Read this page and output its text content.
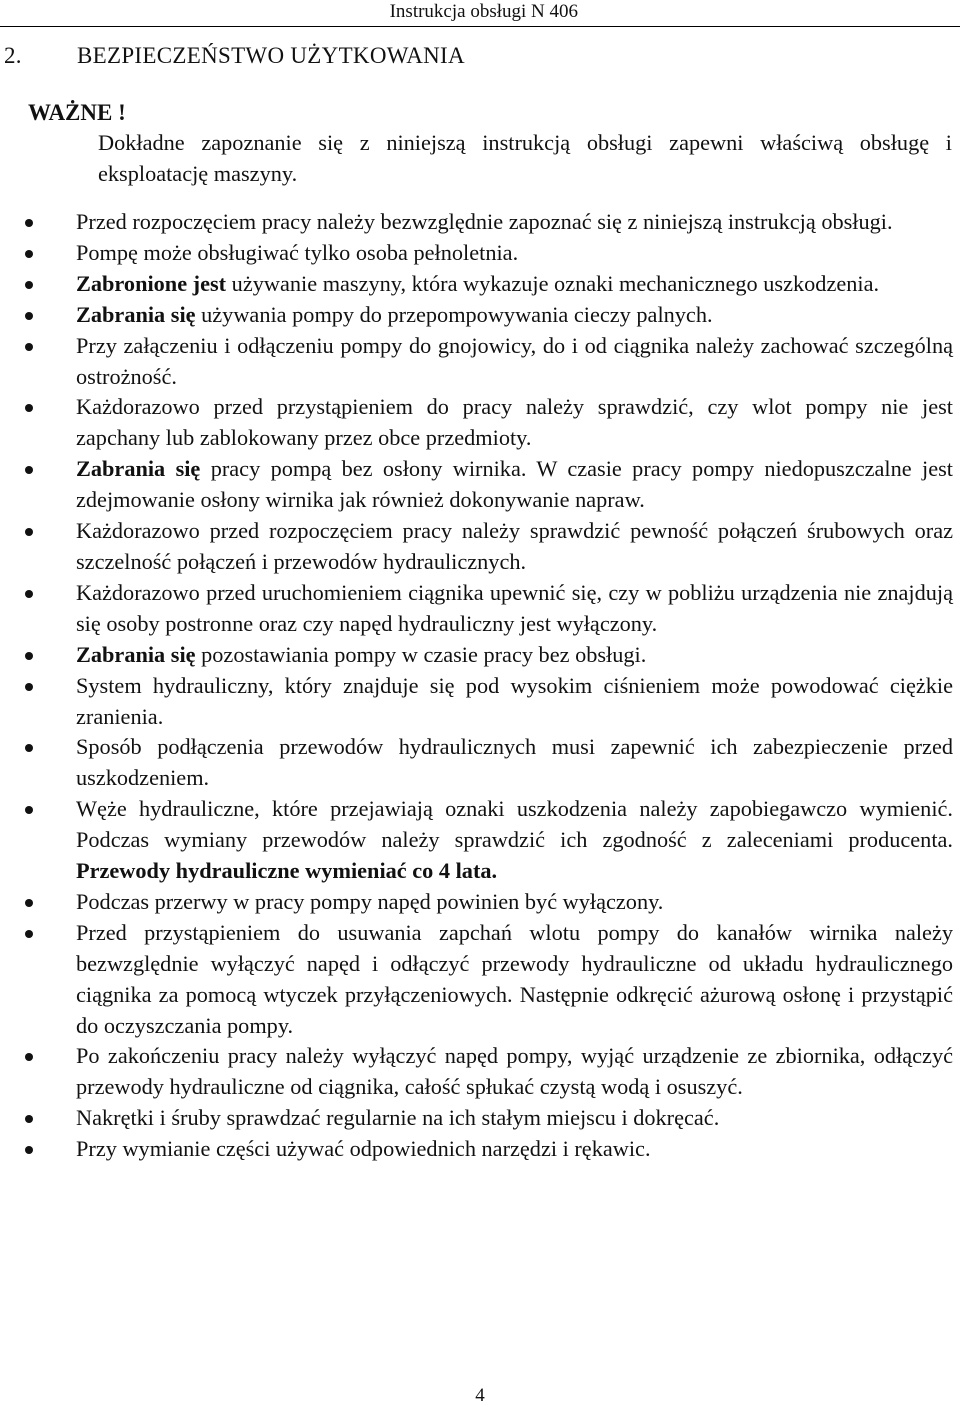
Instrukcja obsługi N 406
2. BEZPIECZEŃSTWO UŻYTKOWANIA
WAŻNE !

Dokładne zapoznanie się z niniejszą instrukcją obsługi zapewni właściwą obsługę i eksploatację maszyny.

Przed rozpoczęciem pracy należy bezwzględnie zapoznać się z niniejszą instrukcją obsługi.
Pompę może obsługiwać tylko osoba pełnoletnia.
Zabronione jest używanie maszyny, która wykazuje oznaki mechanicznego uszkodzenia.
Zabrania się używania pompy do przepompowywania cieczy palnych.
Przy załączeniu i odłączeniu pompy do gnojowicy, do i od ciągnika należy zachować szczególną ostrożność.
Każdorazowo przed przystąpieniem do pracy należy sprawdzić, czy wlot pompy nie jest zapchany lub zablokowany przez obce przedmioty.
Zabrania się pracy pompą bez osłony wirnika. W czasie pracy pompy niedopuszczalne jest zdejmowanie osłony wirnika jak również dokonywanie napraw.
Każdorazowo przed rozpoczęciem pracy należy sprawdzić pewność połączeń śrubowych oraz szczelność połączeń i przewodów hydraulicznych.
Każdorazowo przed uruchomieniem ciągnika upewnić się, czy w pobliżu urządzenia nie znajdują się osoby postronne oraz czy napęd hydrauliczny jest wyłączony.
Zabrania się pozostawiania pompy w czasie pracy bez obsługi.
System hydrauliczny, który znajduje się pod wysokim ciśnieniem może powodować ciężkie zranienia.
Sposób podłączenia przewodów hydraulicznych musi zapewnić ich zabezpieczenie przed uszkodzeniem.
Węże hydrauliczne, które przejawiają oznaki uszkodzenia należy zapobiegawczo wymienić. Podczas wymiany przewodów należy sprawdzić ich zgodność z zaleceniami producenta. Przewody hydrauliczne wymieniać co 4 lata.
Podczas przerwy w pracy pompy napęd powinien być wyłączony.
Przed przystąpieniem do usuwania zapchań wlotu pompy do kanałów wirnika należy bezwzględnie wyłączyć napęd i odłączyć przewody hydrauliczne od układu hydraulicznego ciągnika za pomocą wtyczek przyłączeniowych. Następnie odkręcić ażurową osłonę i przystąpić do oczyszczania pompy.
Po zakończeniu pracy należy wyłączyć napęd pompy, wyjąć urządzenie ze zbiornika, odłączyć przewody hydrauliczne od ciągnika, całość spłukać czystą wodą i osuszyć.
Nakrętki i śruby sprawdzać regularnie na ich stałym miejscu i dokręcać.
Przy wymianie części używać odpowiednich narzędzi i rękawic.
4
